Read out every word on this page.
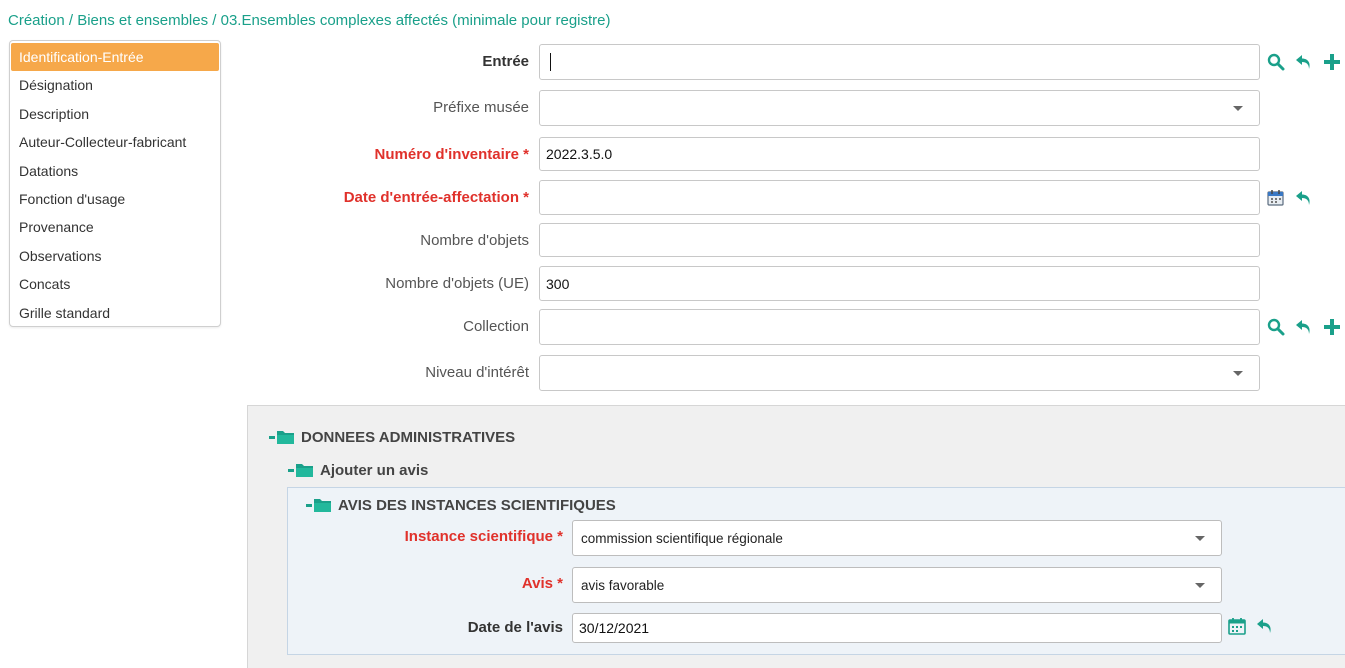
Création / Biens et ensembles / 03.Ensembles complexes affectés (minimale pour registre)
Identification-Entrée
Désignation
Description
Auteur-Collecteur-fabricant
Datations
Fonction d'usage
Provenance
Observations
Concats
Grille standard
Entrée
Préfixe musée
Numéro d'inventaire *	2022.3.5.0
Date d'entrée-affectation *
Nombre d'objets
Nombre d'objets (UE)	300
Collection
Niveau d'intérêt
DONNEES ADMINISTRATIVES
Ajouter un avis
AVIS DES INSTANCES SCIENTIFIQUES
Instance scientifique *	commission scientifique régionale
Avis *	avis favorable
Date de l'avis	30/12/2021
